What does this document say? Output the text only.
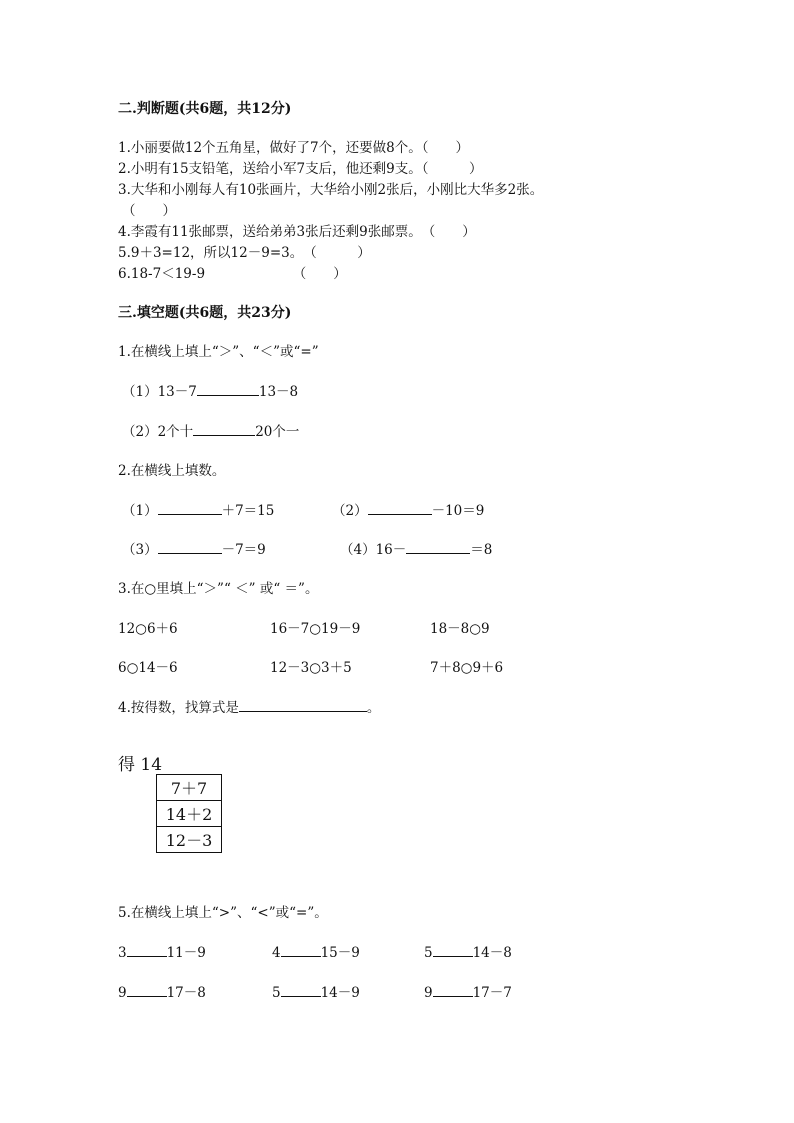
二.判断题(共6题，共12分)
1.小丽要做12个五角星，做好了7个，还要做8个。（　　）
2.小明有15支铅笔，送给小军7支后，他还剩9支。（　　　）
3.大华和小刚每人有10张画片，大华给小刚2张后，小刚比大华多2张。
（　　）
4.李霞有11张邮票，送给弟弟3张后还剩9张邮票。　（　　）
5.9＋3=12，所以12－9=3。　（　　　）
6.18-7＜19-9　　　　　　　（　　）
三.填空题(共6题，共23分)
1.在横线上填上“＞”、“＜”或“=”
（1）13－7	13－8
（2）2个十	20个一
2.在横线上填数。
（1）	＋7＝15	（2）	－10＝9
（3）	－7＝9	（4）16－	＝8
3.在○里填上“＞”“ ＜” 或“ ＝”。
12○6＋6	16－7○19－9	18－8○9
6○14－6	12－3○3＋5	7＋8○9＋6
4.按得数，找算式是	。
得 14
7＋7
14＋2
12－3
5.在横线上填上“>”、“<”或“=”。
3	11－9	4	15－9	5	14－8
9	17－8	5	14－9	9	17－7
